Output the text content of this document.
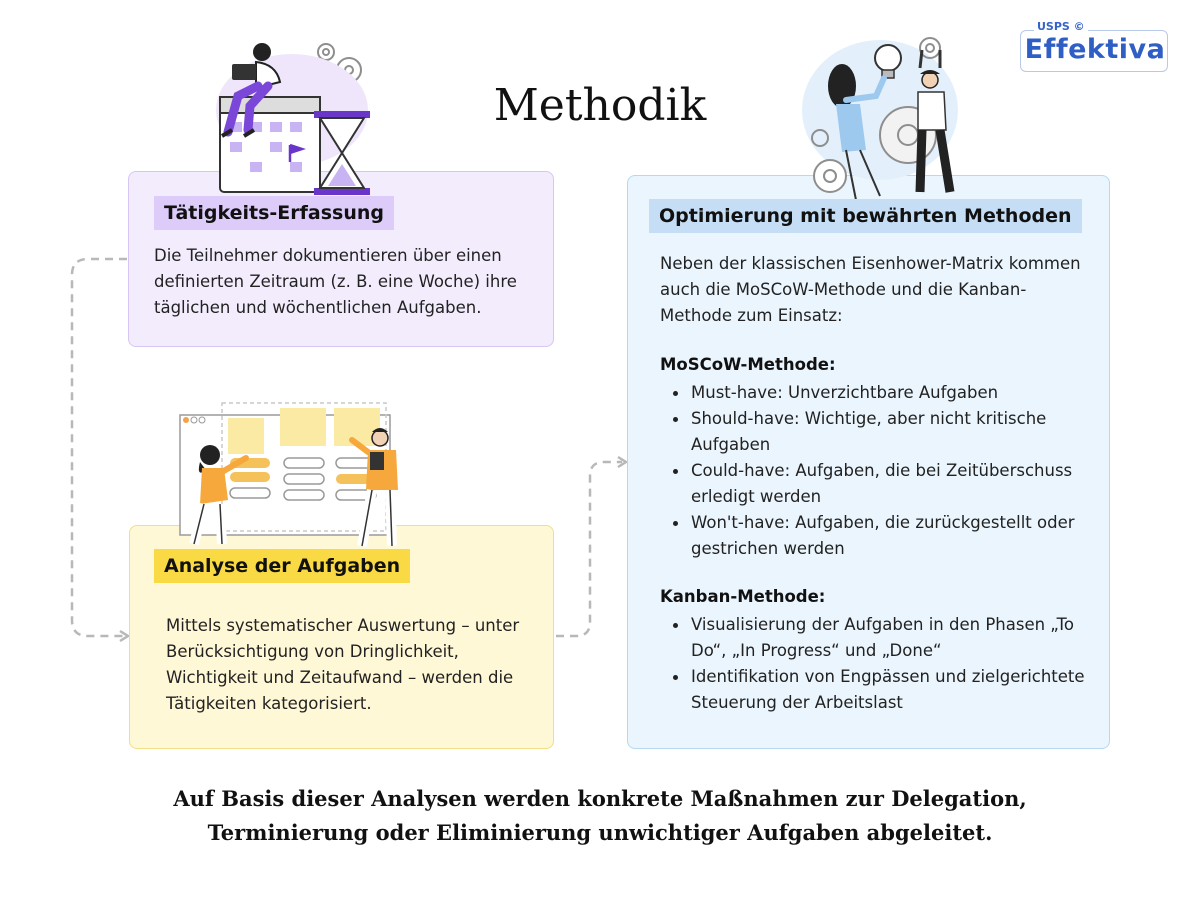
Methodik
Effektiva
USPS ©
Tätigkeits-Erfassung
Die Teilnehmer dokumentieren über einen definierten Zeitraum (z. B. eine Woche) ihre täglichen und wöchentlichen Aufgaben.
Analyse der Aufgaben
Mittels systematischer Auswertung – unter Berücksichtigung von Dringlichkeit, Wichtigkeit und Zeitaufwand – werden die Tätigkeiten kategorisiert.
Optimierung mit bewährten Methoden
Neben der klassischen Eisenhower-Matrix kommen auch die MoSCoW-Methode und die Kanban-Methode zum Einsatz:
MoSCoW-Methode:
Must-have: Unverzichtbare Aufgaben
Should-have: Wichtige, aber nicht kritische Aufgaben
Could-have: Aufgaben, die bei Zeitüberschuss erledigt werden
Won't-have: Aufgaben, die zurückgestellt oder gestrichen werden
Kanban-Methode:
Visualisierung der Aufgaben in den Phasen „To Do“, „In Progress“ und „Done“
Identifikation von Engpässen und zielgerichtete Steuerung der Arbeitslast
Auf Basis dieser Analysen werden konkrete Maßnahmen zur Delegation,
Terminierung oder Eliminierung unwichtiger Aufgaben abgeleitet.
